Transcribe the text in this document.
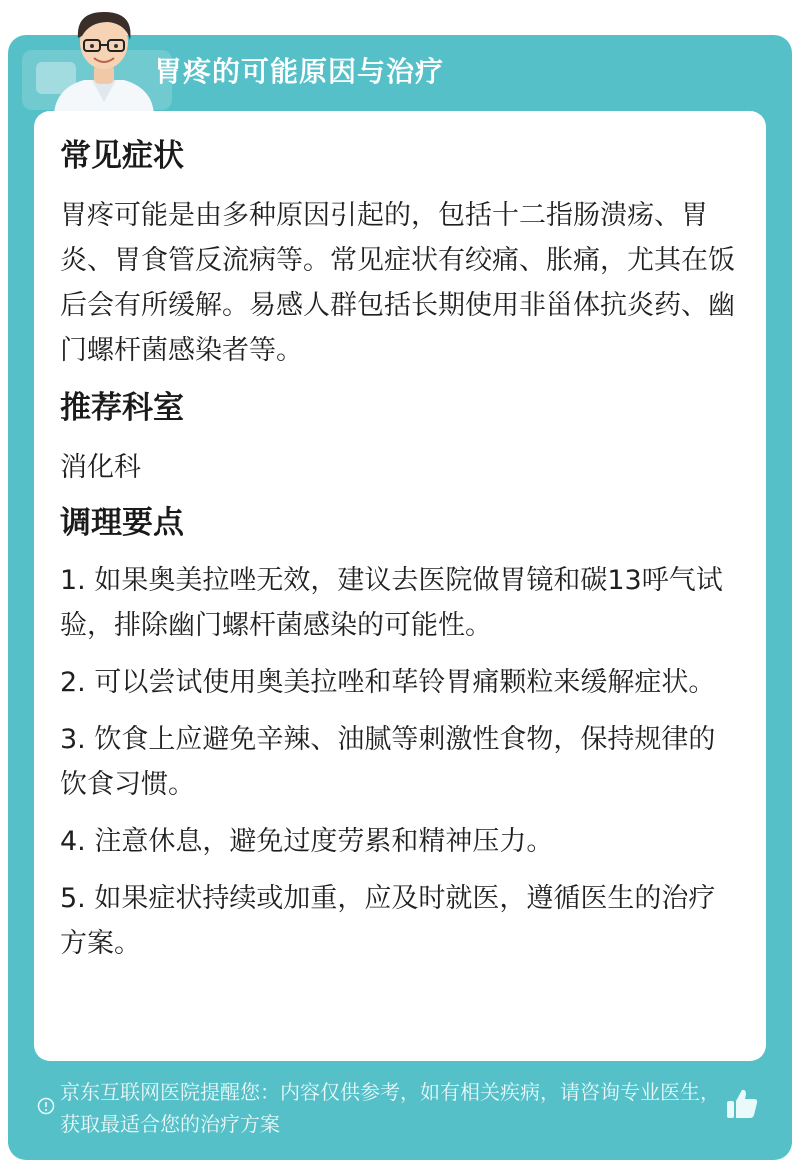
胃疼的可能原因与治疗
常见症状

胃疼可能是由多种原因引起的，包括十二指肠溃疡、胃炎、胃食管反流病等。常见症状有绞痛、胀痛，尤其在饭后会有所缓解。易感人群包括长期使用非甾体抗炎药、幽门螺杆菌感染者等。

推荐科室

消化科

调理要点

1. 如果奥美拉唑无效，建议去医院做胃镜和碳13呼气试验，排除幽门螺杆菌感染的可能性。

2. 可以尝试使用奥美拉唑和荜铃胃痛颗粒来缓解症状。

3. 饮食上应避免辛辣、油腻等刺激性食物，保持规律的饮食习惯。

4. 注意休息，避免过度劳累和精神压力。

5. 如果症状持续或加重，应及时就医，遵循医生的治疗方案。

京东互联网医院提醒您：内容仅供参考，如有相关疾病，请咨询专业医生，获取最适合您的治疗方案
